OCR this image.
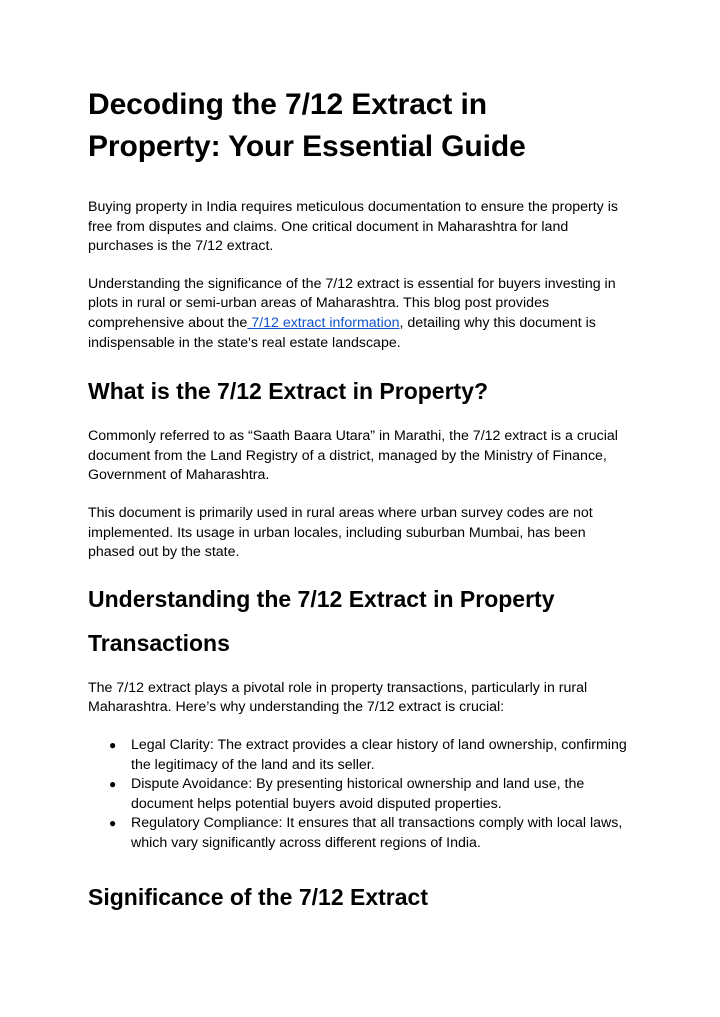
Decoding the 7/12 Extract in
Property: Your Essential Guide

Buying property in India requires meticulous documentation to ensure the property is free from disputes and claims. One critical document in Maharashtra for land purchases is the 7/12 extract.

Understanding the significance of the 7/12 extract is essential for buyers investing in plots in rural or semi-urban areas of Maharashtra. This blog post provides comprehensive about the 7/12 extract information, detailing why this document is indispensable in the state's real estate landscape.

What is the 7/12 Extract in Property?

Commonly referred to as “Saath Baara Utara” in Marathi, the 7/12 extract is a crucial document from the Land Registry of a district, managed by the Ministry of Finance, Government of Maharashtra.

This document is primarily used in rural areas where urban survey codes are not implemented. Its usage in urban locales, including suburban Mumbai, has been phased out by the state.

Understanding the 7/12 Extract in Property
Transactions

The 7/12 extract plays a pivotal role in property transactions, particularly in rural Maharashtra. Here’s why understanding the 7/12 extract is crucial:

● Legal Clarity: The extract provides a clear history of land ownership, confirming the legitimacy of the land and its seller.
● Dispute Avoidance: By presenting historical ownership and land use, the document helps potential buyers avoid disputed properties.
● Regulatory Compliance: It ensures that all transactions comply with local laws, which vary significantly across different regions of India.
Significance of the 7/12 Extract
